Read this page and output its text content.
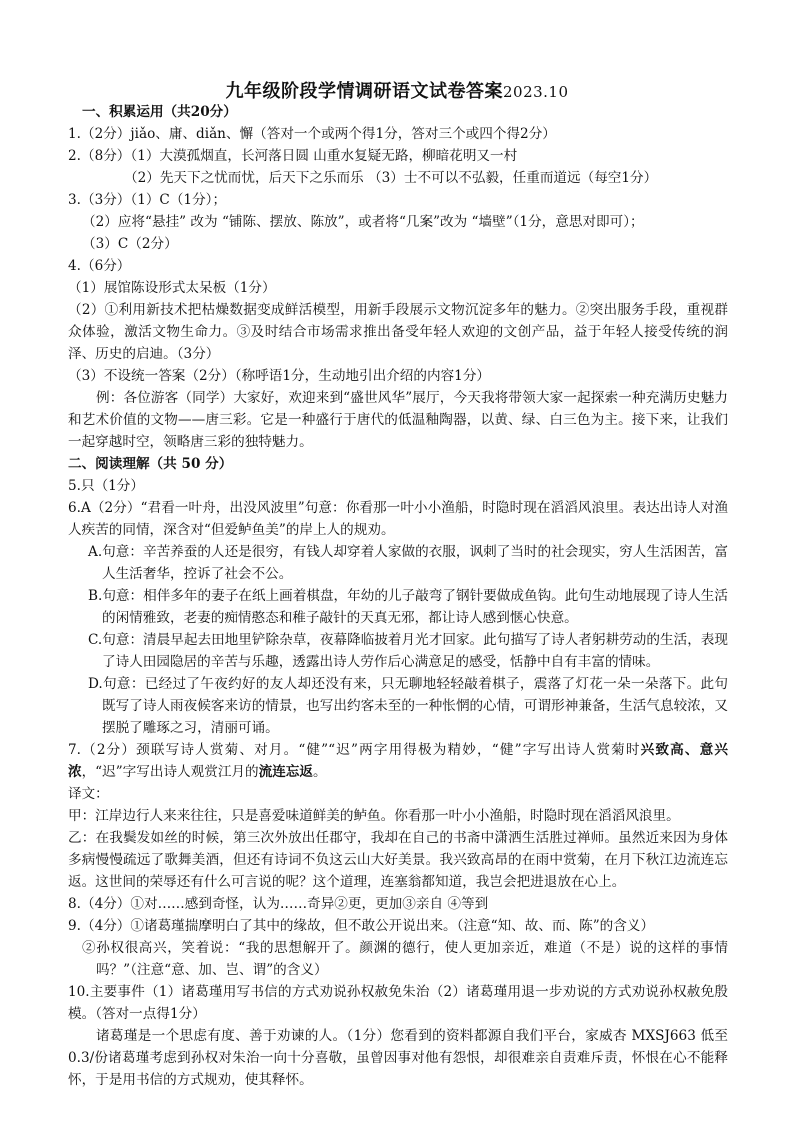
九年级阶段学情调研语文试卷答案2023.10
一、积累运用（共20分）
1.（2分）jiǎo、庸、diǎn、懈（答对一个或两个得1分，答对三个或四个得2分）
2.（8分）（1）大漠孤烟直，长河落日圆 山重水复疑无路，柳暗花明又一村
（2）先天下之忧而忧，后天下之乐而乐 （3）士不可以不弘毅，任重而道远（每空1分）
3.（3分）（1）C（1分）；
（2）应将“悬挂” 改为 “铺陈、摆放、陈放”，或者将“几案”改为 “墙壁”（1分，意思对即可）；
（3）C（2分）
4.（6分）
（1）展馆陈设形式太呆板（1分）
（2）①利用新技术把枯燥数据变成鲜活模型，用新手段展示文物沉淀多年的魅力。②突出服务手段，重视群众体验，激活文物生命力。③及时结合市场需求推出备受年轻人欢迎的文创产品，益于年轻人接受传统的润泽、历史的启迪。（3分）
（3）不设统一答案（2分）（称呼语1分，生动地引出介绍的内容1分）
例：各位游客（同学）大家好，欢迎来到“盛世风华”展厅，今天我将带领大家一起探索一种充满历史魅力和艺术价值的文物——唐三彩。它是一种盛行于唐代的低温釉陶器，以黄、绿、白三色为主。接下来，让我们一起穿越时空，领略唐三彩的独特魅力。
二、阅读理解（共 50 分）
5.只（1分）
6.A（2分）“君看一叶舟，出没风波里”句意：你看那一叶小小渔船，时隐时现在滔滔风浪里。表达出诗人对渔人疾苦的同情，深含对“但爱鲈鱼美”的岸上人的规劝。
A.句意：辛苦养蚕的人还是很穷，有钱人却穿着人家做的衣服，讽刺了当时的社会现实，穷人生活困苦，富人生活奢华，控诉了社会不公。
B.句意：相伴多年的妻子在纸上画着棋盘，年幼的儿子敲弯了钢针要做成鱼钩。此句生动地展现了诗人生活的闲情雅致，老妻的痴情憨态和稚子敲针的天真无邪，都让诗人感到惬心快意。
C.句意：清晨早起去田地里铲除杂草，夜幕降临披着月光才回家。此句描写了诗人者躬耕劳动的生活，表现了诗人田园隐居的辛苦与乐趣，透露出诗人劳作后心满意足的感受，恬静中自有丰富的情味。
D.句意：已经过了午夜约好的友人却还没有来，只无聊地轻轻敲着棋子，震落了灯花一朵一朵落下。此句既写了诗人雨夜候客来访的情景，也写出约客未至的一种怅惘的心情，可谓形神兼备，生活气息较浓，又摆脱了雕琢之习，清丽可诵。
7.（2分）颈联写诗人赏菊、对月。“健”“迟”两字用得极为精妙，“健”字写出诗人赏菊时兴致高、意兴浓，“迟”字写出诗人观赏江月的流连忘返。
译文：
甲：江岸边行人来来往往，只是喜爱味道鲜美的鲈鱼。你看那一叶小小渔船，时隐时现在滔滔风浪里。
乙：在我鬓发如丝的时候，第三次外放出任郡守，我却在自己的书斋中潇洒生活胜过禅师。虽然近来因为身体多病慢慢疏远了歌舞美酒，但还有诗词不负这云山大好美景。我兴致高昂的在雨中赏菊，在月下秋江边流连忘返。这世间的荣辱还有什么可言说的呢？这个道理，连塞翁都知道，我岂会把进退放在心上。
8.（4分）①对……感到奇怪，认为……奇异②更，更加③亲自 ④等到
9.（4分）①诸葛瑾揣摩明白了其中的缘故，但不敢公开说出来。（注意“知、故、而、陈”的含义）
②孙权很高兴，笑着说：“我的思想解开了。颜渊的德行，使人更加亲近，难道（不是）说的这样的事情吗？”（注意“意、加、岂、谓”的含义）
10.主要事件（1）诸葛瑾用写书信的方式劝说孙权赦免朱治（2）诸葛瑾用退一步劝说的方式劝说孙权赦免殷模。（答对一点得1分）
诸葛瑾是一个思虑有度、善于劝谏的人。（1分）您看到的资料都源自我们平台，家威杏 MXSJ663 低至 0.3/份诸葛瑾考虑到孙权对朱治一向十分喜敬，虽曾因事对他有怨恨，却很难亲自责难斥责，怀恨在心不能释怀，于是用书信的方式规劝，使其释怀。
